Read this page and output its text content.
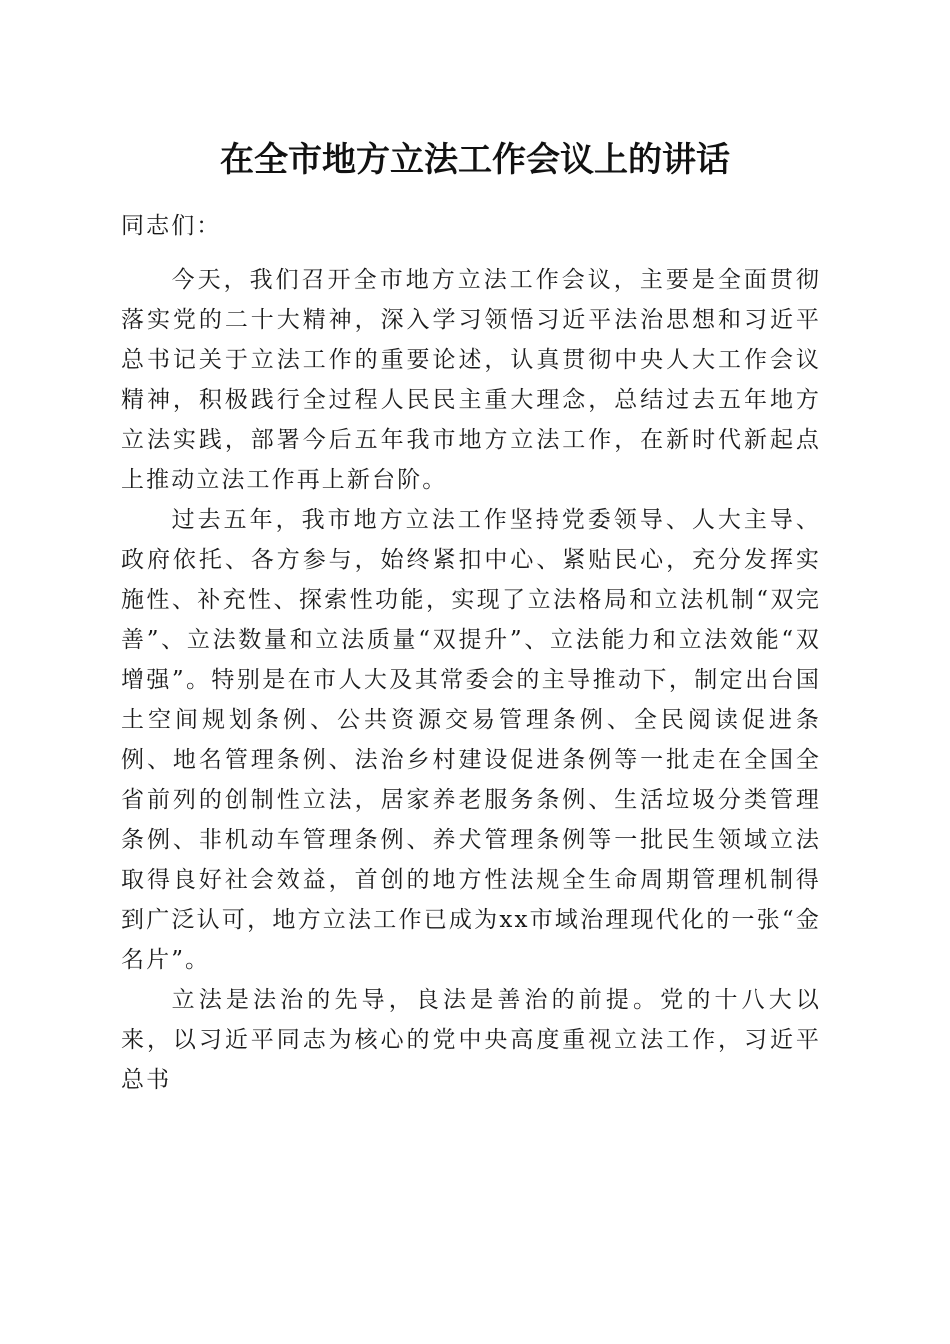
在全市地方立法工作会议上的讲话

同志们：

今天，我们召开全市地方立法工作会议，主要是全面贯彻落实党的二十大精神，深入学习领悟习近平法治思想和习近平总书记关于立法工作的重要论述，认真贯彻中央人大工作会议精神，积极践行全过程人民民主重大理念，总结过去五年地方立法实践，部署今后五年我市地方立法工作，在新时代新起点上推动立法工作再上新台阶。

过去五年，我市地方立法工作坚持党委领导、人大主导、政府依托、各方参与，始终紧扣中心、紧贴民心，充分发挥实施性、补充性、探索性功能，实现了立法格局和立法机制“双完善”、立法数量和立法质量“双提升”、立法能力和立法效能“双增强”。特别是在市人大及其常委会的主导推动下，制定出台国土空间规划条例、公共资源交易管理条例、全民阅读促进条例、地名管理条例、法治乡村建设促进条例等一批走在全国全省前列的创制性立法，居家养老服务条例、生活垃圾分类管理条例、非机动车管理条例、养犬管理条例等一批民生领域立法取得良好社会效益，首创的地方性法规全生命周期管理机制得到广泛认可，地方立法工作已成为xx市域治理现代化的一张“金名片”。

立法是法治的先导，良法是善治的前提。党的十八大以来，以习近平同志为核心的党中央高度重视立法工作，习近平总书
